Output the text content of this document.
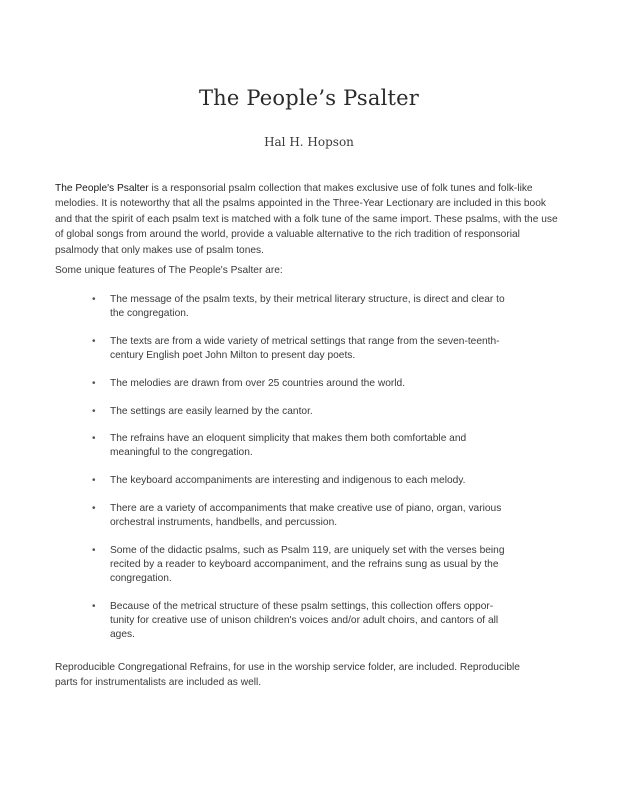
The People’s Psalter
Hal H. Hopson

The People's Psalter is a responsorial psalm collection that makes exclusive use of folk tunes and folk-like melodies. It is noteworthy that all the psalms appointed in the Three-Year Lectionary are included in this book and that the spirit of each psalm text is matched with a folk tune of the same import. These psalms, with the use of global songs from around the world, provide a valuable alternative to the rich tradition of responsorial psalmody that only makes use of psalm tones.

Some unique features of The People's Psalter are:

• The message of the psalm texts, by their metrical literary structure, is direct and clear to the congregation.
• The texts are from a wide variety of metrical settings that range from the seven-teenth-century English poet John Milton to present day poets.
• The melodies are drawn from over 25 countries around the world.
• The settings are easily learned by the cantor.
• The refrains have an eloquent simplicity that makes them both comfortable and meaningful to the congregation.
• The keyboard accompaniments are interesting and indigenous to each melody.
• There are a variety of accompaniments that make creative use of piano, organ, various orchestral instruments, handbells, and percussion.
• Some of the didactic psalms, such as Psalm 119, are uniquely set with the verses being recited by a reader to keyboard accompaniment, and the refrains sung as usual by the congregation.
• Because of the metrical structure of these psalm settings, this collection offers oppor-tunity for creative use of unison children's voices and/or adult choirs, and cantors of all ages.

Reproducible Congregational Refrains, for use in the worship service folder, are included. Reproducible parts for instrumentalists are included as well.
